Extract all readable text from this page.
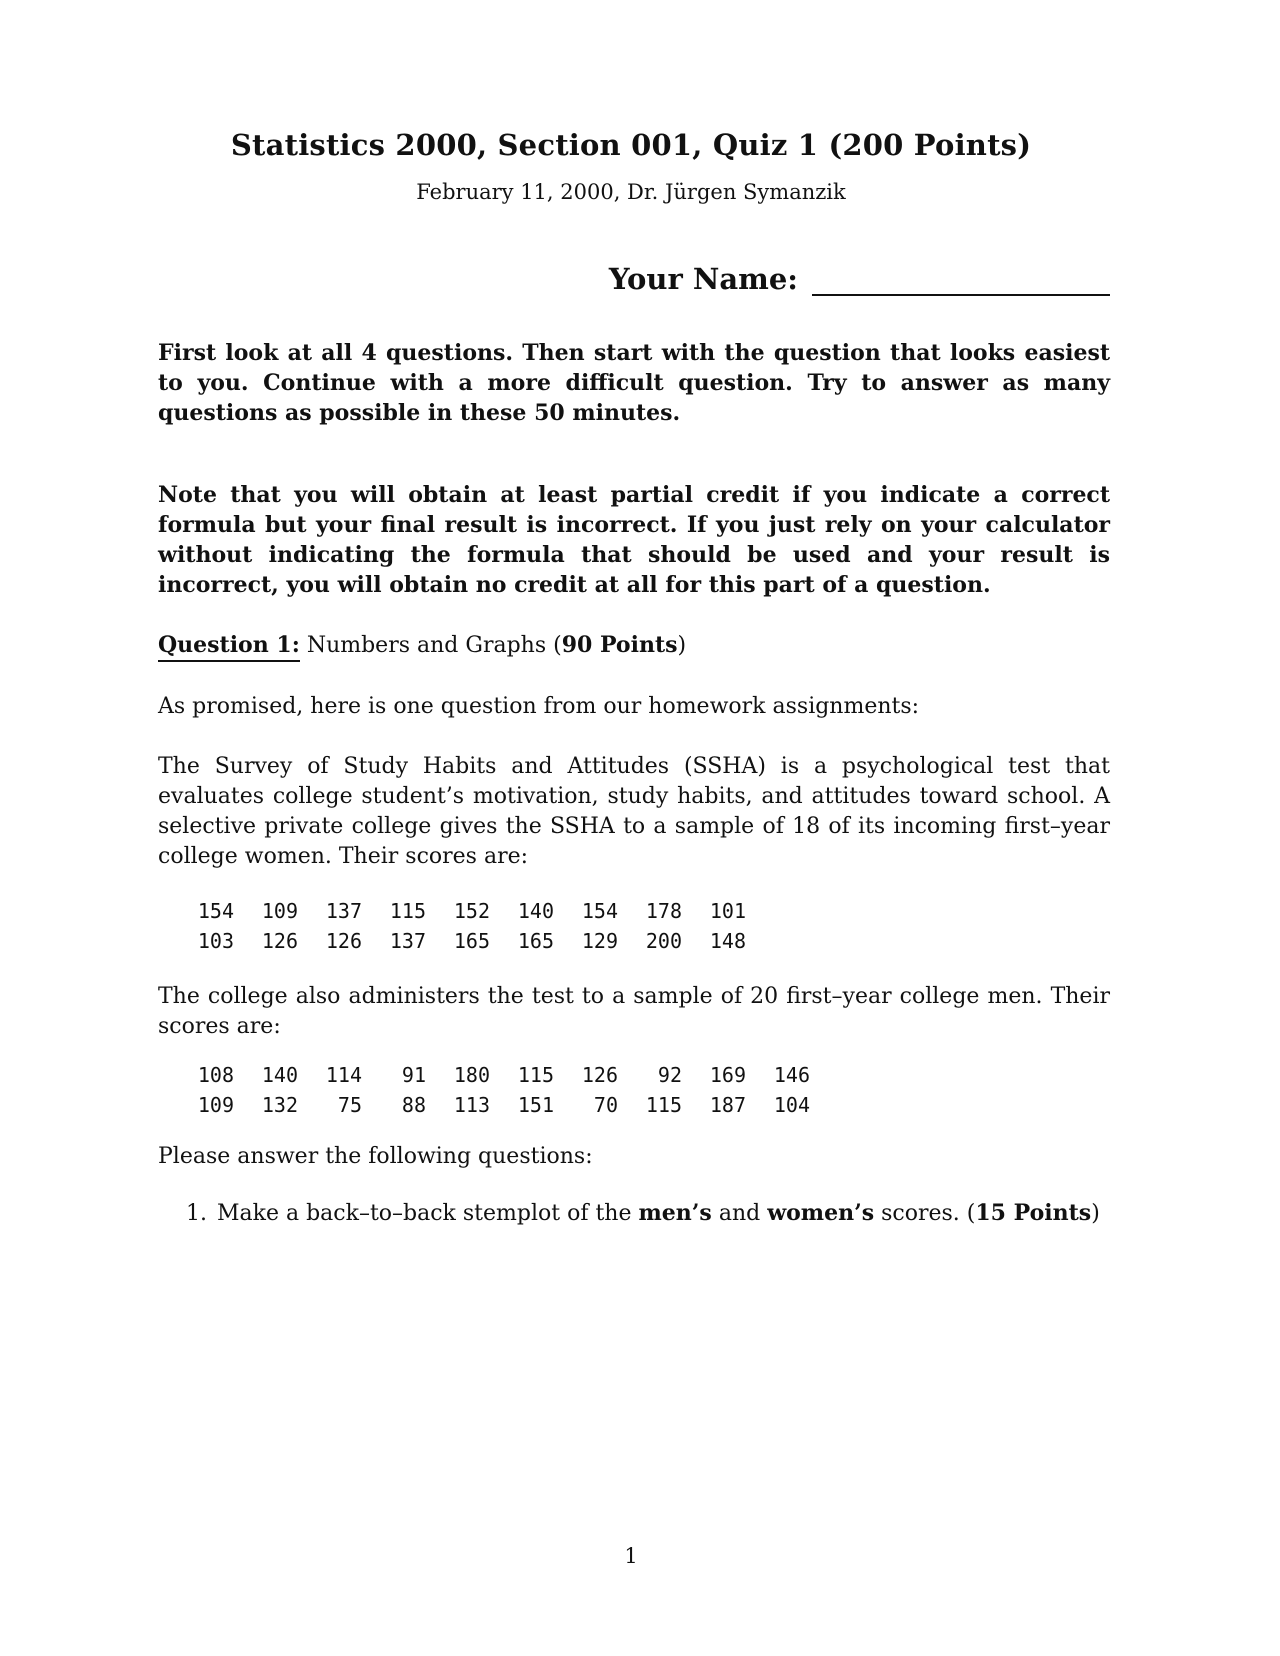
Statistics 2000, Section 001, Quiz 1 (200 Points)
February 11, 2000, Dr. Jürgen Symanzik
Your Name:
First look at all 4 questions. Then start with the question that looks easiest to you. Continue with a more difficult question. Try to answer as many questions as possible in these 50 minutes.
Note that you will obtain at least partial credit if you indicate a correct formula but your final result is incorrect. If you just rely on your calculator without indicating the formula that should be used and your result is incorrect, you will obtain no credit at all for this part of a question.
Question 1: Numbers and Graphs (90 Points)
As promised, here is one question from our homework assignments:
The Survey of Study Habits and Attitudes (SSHA) is a psychological test that evaluates college student’s motivation, study habits, and attitudes toward school. A selective private college gives the SSHA to a sample of 18 of its incoming first–year college women. Their scores are:
154	109	137	115	152	140	154	178	101
103	126	126	137	165	165	129	200	148
The college also administers the test to a sample of 20 first–year college men. Their scores are:
108	140	114	91	180	115	126	92	169	146
109	132	75	88	113	151	70	115	187	104
Please answer the following questions:
1. Make a back–to–back stemplot of the men’s and women’s scores. (15 Points)
1
